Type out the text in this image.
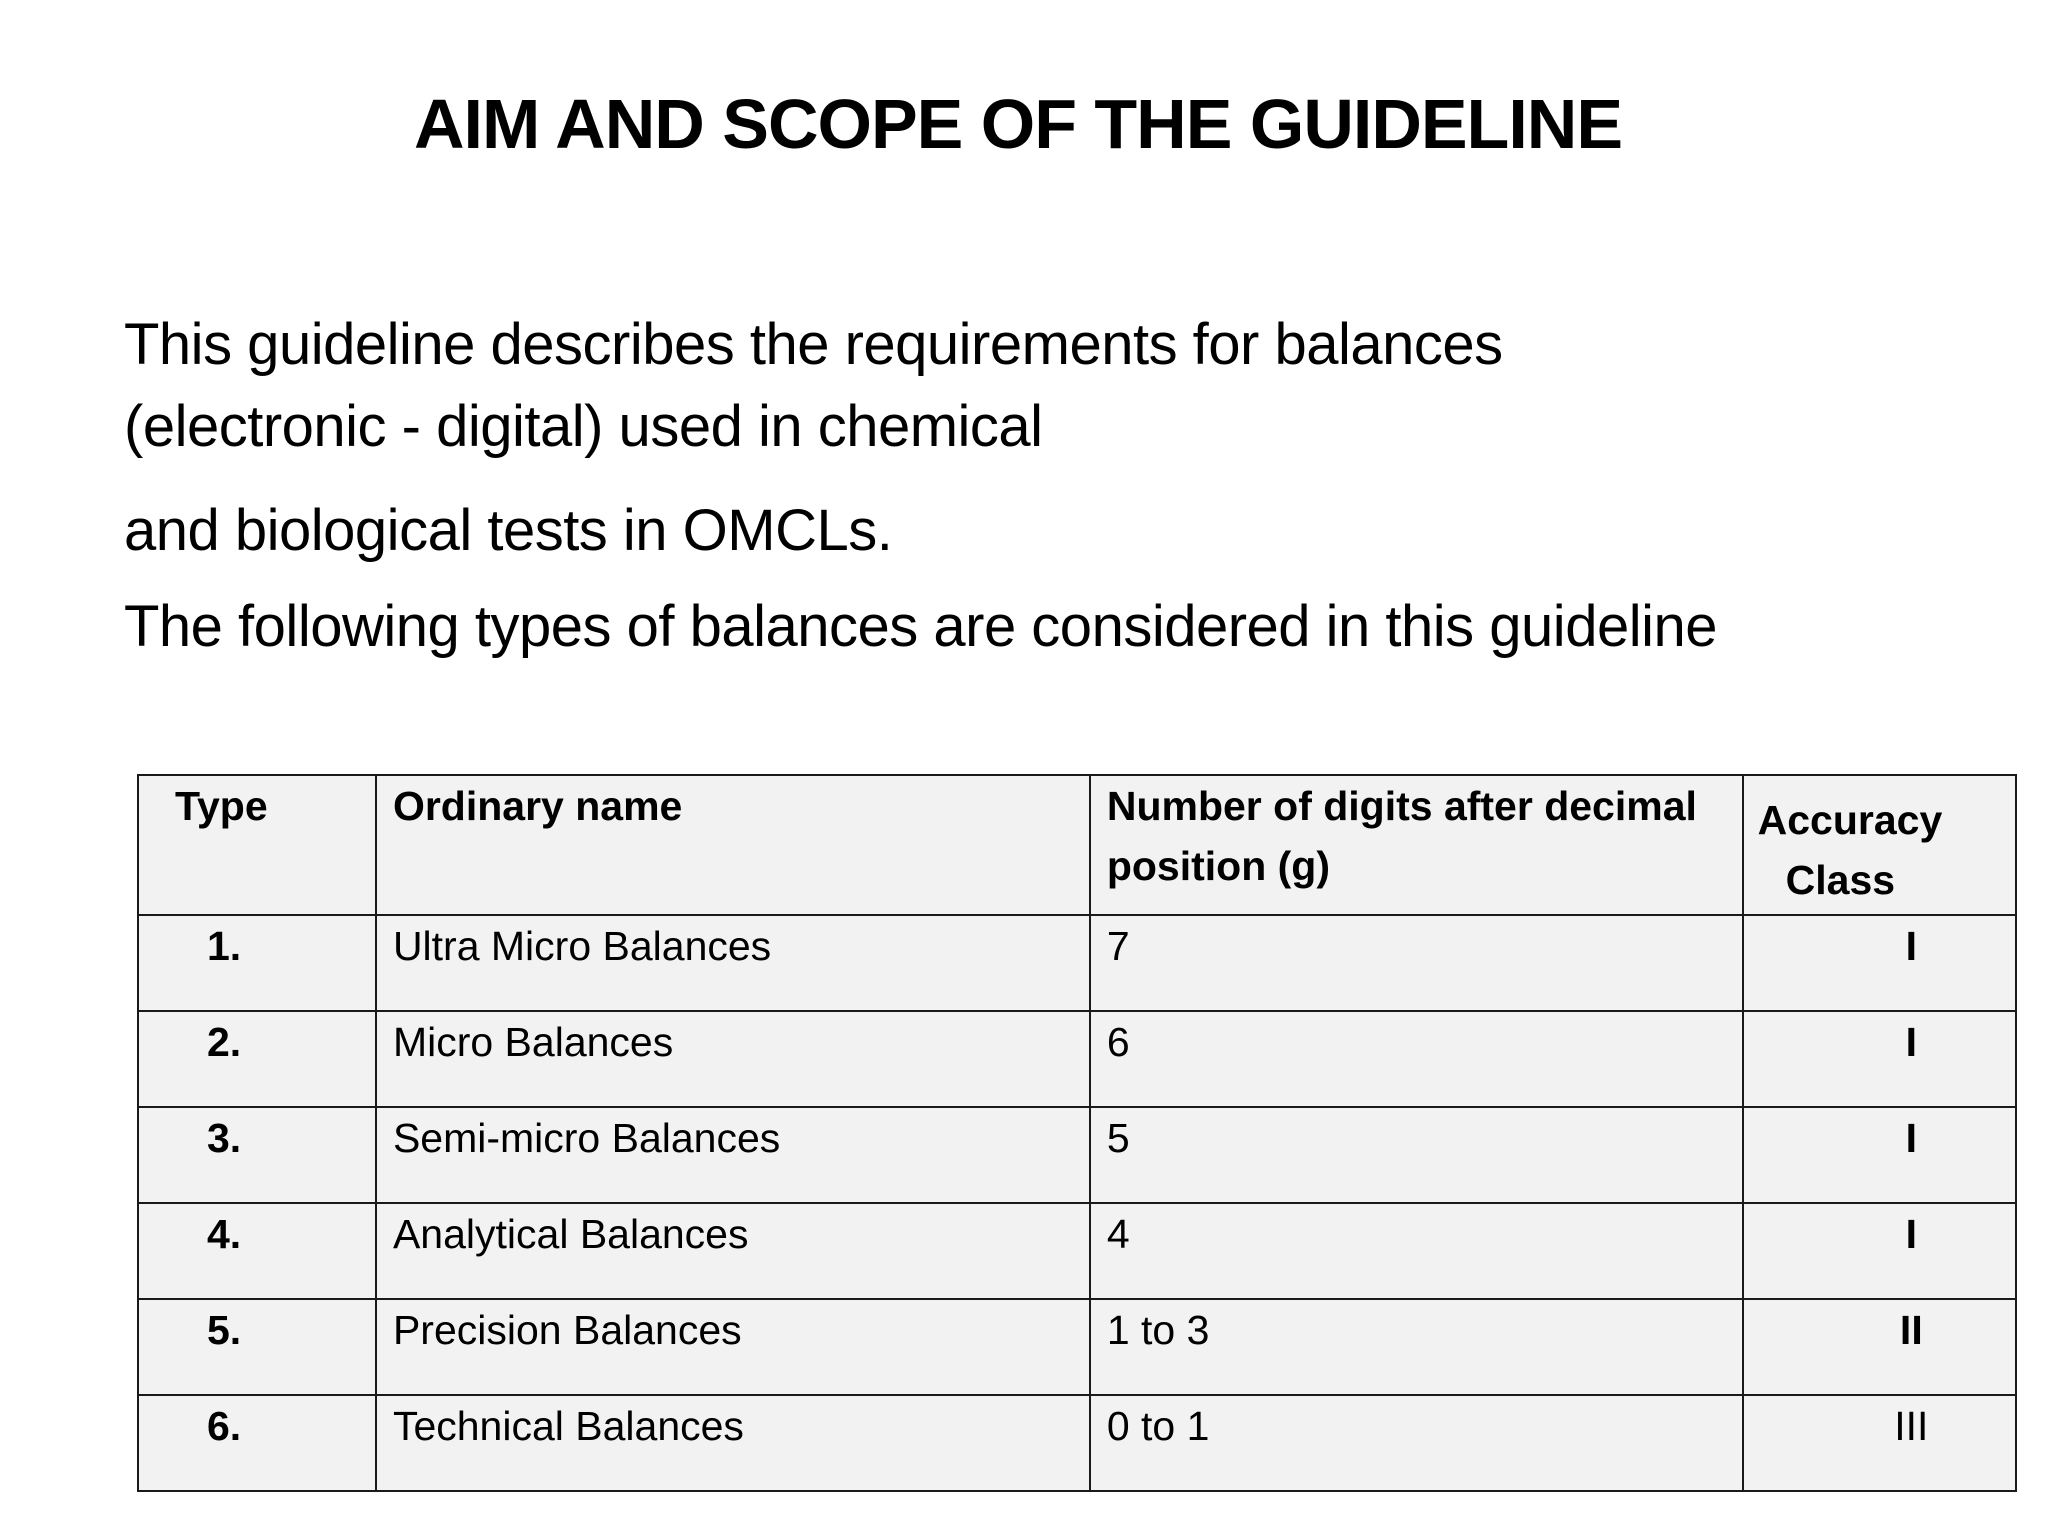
AIM AND SCOPE OF THE GUIDELINE
This guideline describes the requirements for balances
(electronic - digital) used in chemical

and biological tests in OMCLs.

The following types of balances are considered in this guideline

Type	Ordinary name	Number of digits after decimal position (g)	Accuracy
Class

1.	Ultra Micro Balances	7	I
2.	Micro Balances	6	I
3.	Semi-micro Balances	5	I
4.	Analytical Balances	4	I
5.	Precision Balances	1 to 3	II
6.	Technical Balances	0 to 1	III
